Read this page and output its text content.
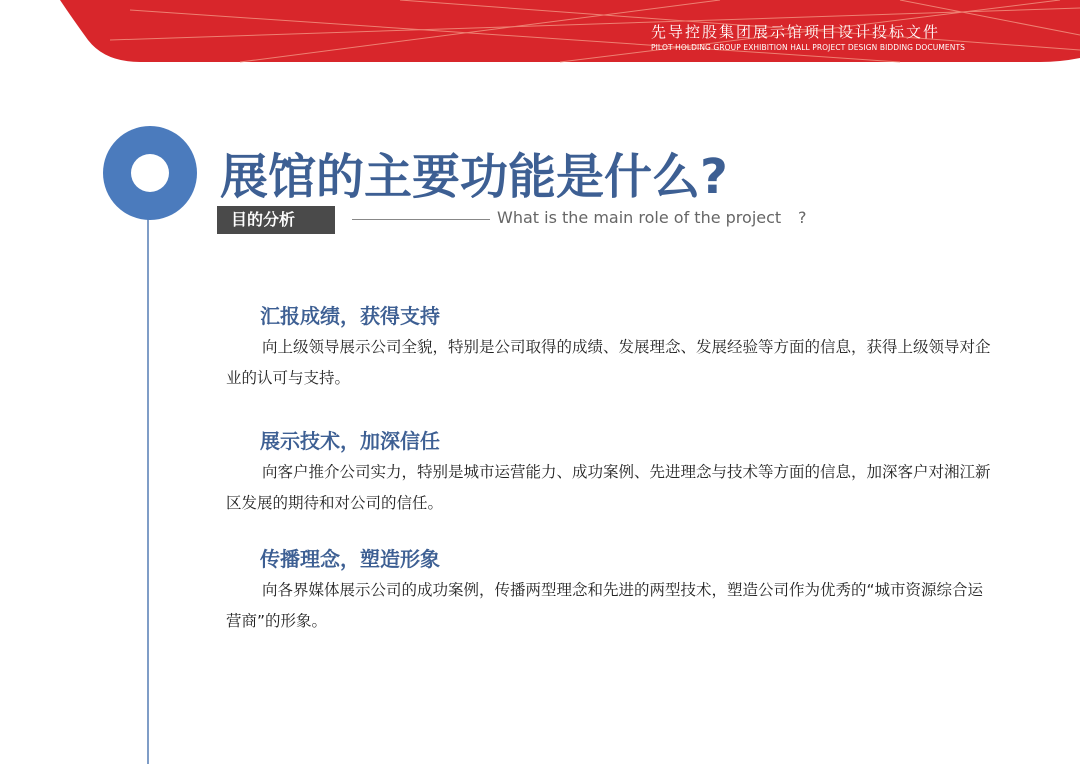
先导控股集团展示馆项目设计投标文件
PILOT HOLDING GROUP EXHIBITION HALL PROJECT DESIGN BIDDING DOCUMENTS
展馆的主要功能是什么?
目的分析	What is the main role of the project ?
汇报成绩，获得支持
向上级领导展示公司全貌，特别是公司取得的成绩、发展理念、发展经验等方面的信息，获得上级领导对企业的认可与支持。
展示技术，加深信任
向客户推介公司实力，特别是城市运营能力、成功案例、先进理念与技术等方面的信息，加深客户对湘江新区发展的期待和对公司的信任。
传播理念，塑造形象
向各界媒体展示公司的成功案例，传播两型理念和先进的两型技术，塑造公司作为优秀的“城市资源综合运营商”的形象。
